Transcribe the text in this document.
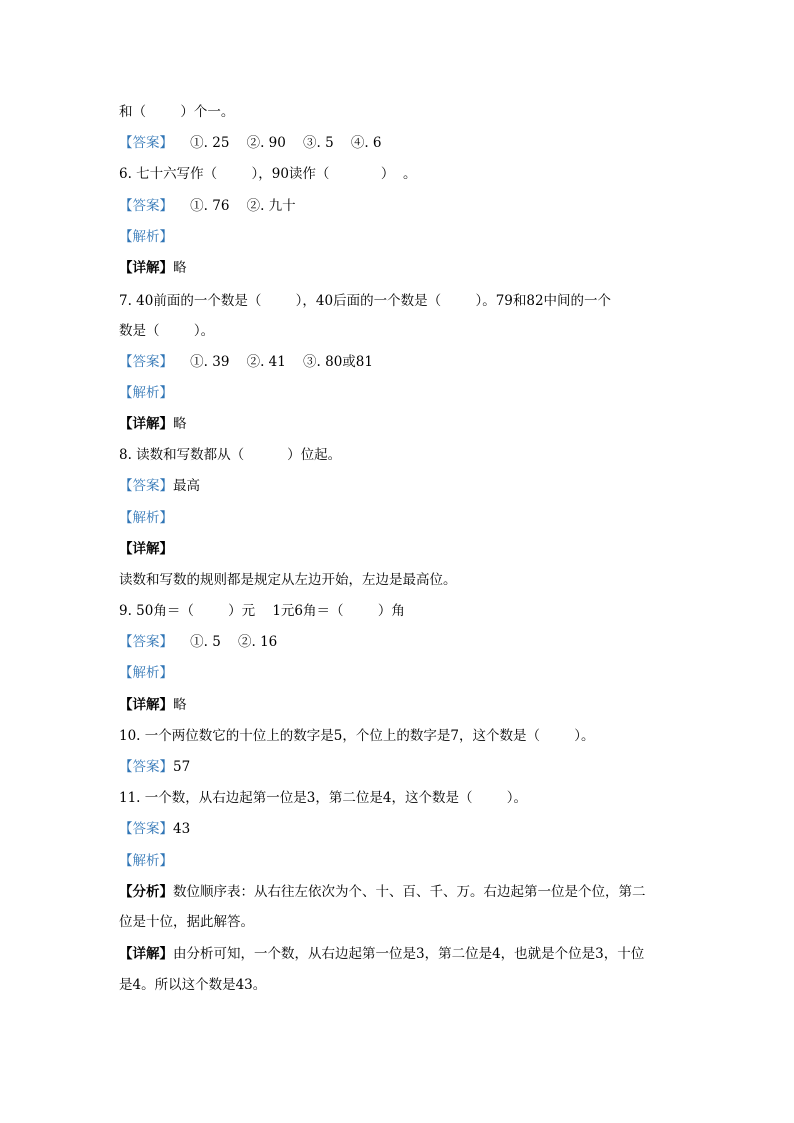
和（        ）个一。

【答案】    ①. 25    ②. 90    ③. 5    ④. 6

6. 七十六写作（        ），90读作（            ）  。

【答案】    ①. 76    ②. 九十

【解析】

【详解】略

7. 40前面的一个数是（        ），40后面的一个数是（        ）。79和82中间的一个

数是（        ）。

【答案】    ①. 39    ②. 41    ③. 80或81

【解析】

【详解】略

8. 读数和写数都从（          ）位起。

【答案】最高

【解析】

【详解】

读数和写数的规则都是规定从左边开始，左边是最高位。

9. 50角＝（        ）元    1元6角＝（        ）角

【答案】    ①. 5    ②. 16

【解析】

【详解】略

10. 一个两位数它的十位上的数字是5，个位上的数字是7，这个数是（        ）。

【答案】57

11. 一个数，从右边起第一位是3，第二位是4，这个数是（        ）。

【答案】43

【解析】

【分析】数位顺序表：从右往左依次为个、十、百、千、万。右边起第一位是个位，第二

位是十位，据此解答。

【详解】由分析可知，一个数，从右边起第一位是3，第二位是4，也就是个位是3，十位

是4。所以这个数是43。
